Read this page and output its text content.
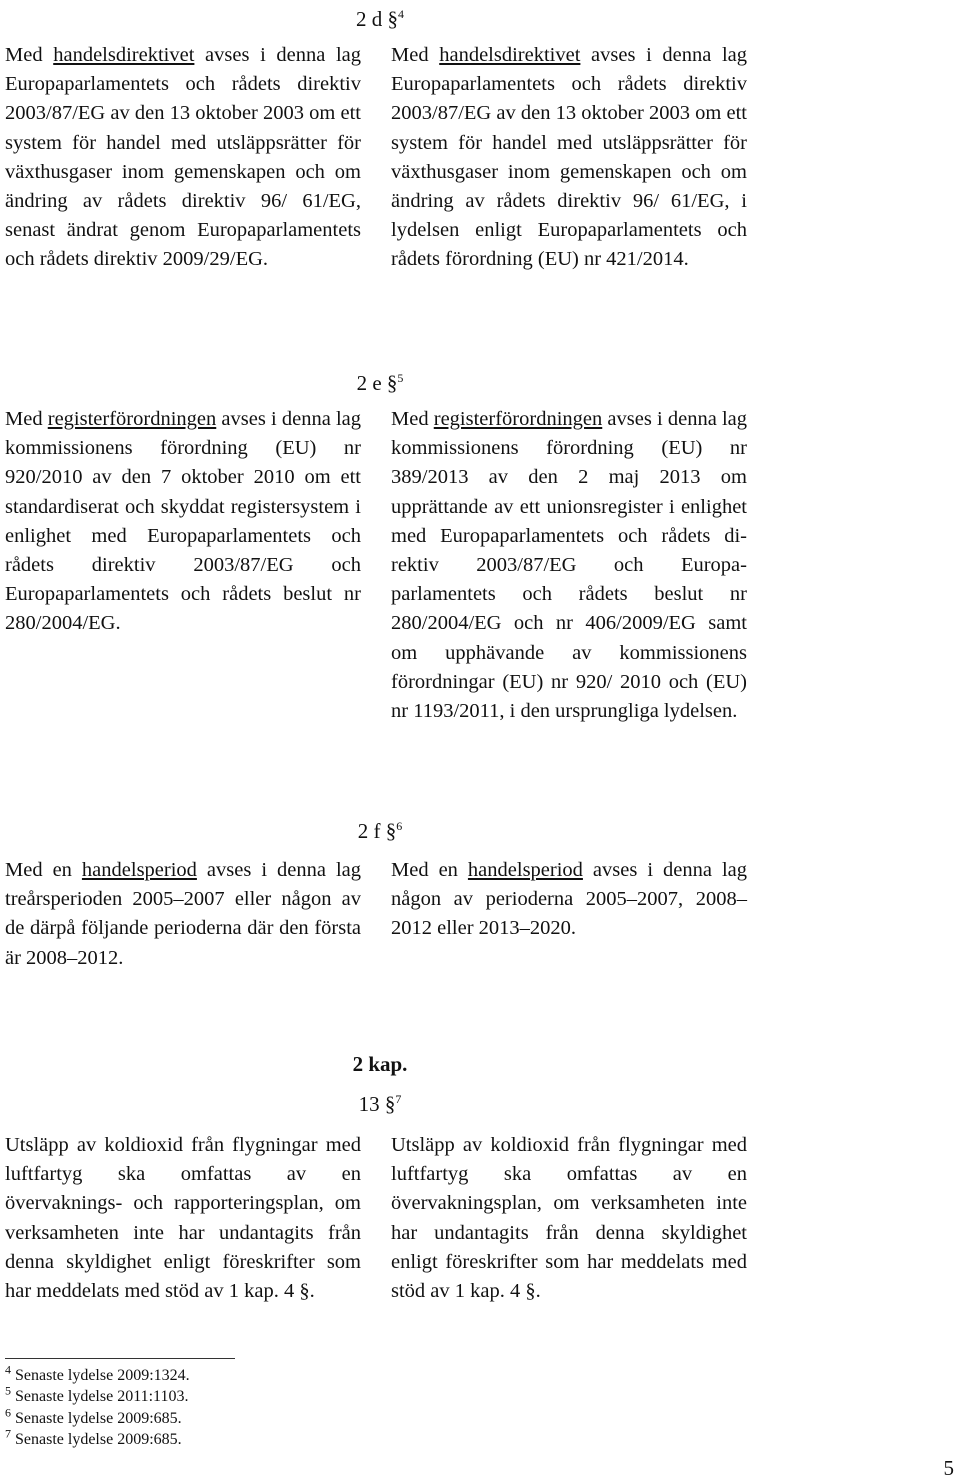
2 d §$^4$
Med handelsdirektivet avses i denna lag Europaparlamentets och rådets direktiv 2003/87/EG av den 13 oktober 2003 om ett system för handel med utsläppsrätter för växthusgaser inom gemenskapen och om ändring av rådets direktiv 96/ 61/EG, senast ändrat genom Europaparlamentets och rådets direktiv 2009/29/EG.
Med handelsdirektivet avses i denna lag Europaparlamentets och rådets direktiv 2003/87/EG av den 13 oktober 2003 om ett system för handel med utsläppsrätter för växthusgaser inom gemenskapen och om ändring av rådets direktiv 96/ 61/EG, i lydelsen enligt Europaparlamentets och rådets förordning (EU) nr 421/2014.
2 e §$^5$
Med registerförordningen avses i denna lag kommissionens förordning (EU) nr 920/2010 av den 7 oktober 2010 om ett standardiserat och skyddat registersystem i enlighet med Europaparlamentets och rådets direktiv 2003/87/EG och Europaparlamentets och rådets beslut nr 280/2004/EG.
Med registerförordningen avses i denna lag kommissionens förordning (EU) nr 389/2013 av den 2 maj 2013 om upprättande av ett unionsregister i enlighet med Europaparlamentets och rådets direktiv 2003/87/EG och Europaparlamentets och rådets beslut nr 280/2004/EG och nr 406/2009/EG samt om upphävande av kommissionens förordningar (EU) nr 920/ 2010 och (EU) nr 1193/2011, i den ursprungliga lydelsen.
2 f §$^6$
Med en handelsperiod avses i denna lag treårsperioden 2005–2007 eller någon av de därpå följande perioderna där den första är 2008–2012.
Med en handelsperiod avses i denna lag någon av perioderna 2005–2007, 2008–2012 eller 2013–2020.
2 kap.
13 §$^7$
Utsläpp av koldioxid från flygningar med luftfartyg ska omfattas av en övervaknings- och rapporteringsplan, om verksamheten inte har undantagits från denna skyldighet enligt föreskrifter som har meddelats med stöd av 1 kap. 4 §.
Utsläpp av koldioxid från flygningar med luftfartyg ska omfattas av en övervakningsplan, om verksamheten inte har undantagits från denna skyldighet enligt föreskrifter som har meddelats med stöd av 1 kap. 4 §.
$^4$ Senaste lydelse 2009:1324.
$^5$ Senaste lydelse 2011:1103.
$^6$ Senaste lydelse 2009:685.
$^7$ Senaste lydelse 2009:685.
5
